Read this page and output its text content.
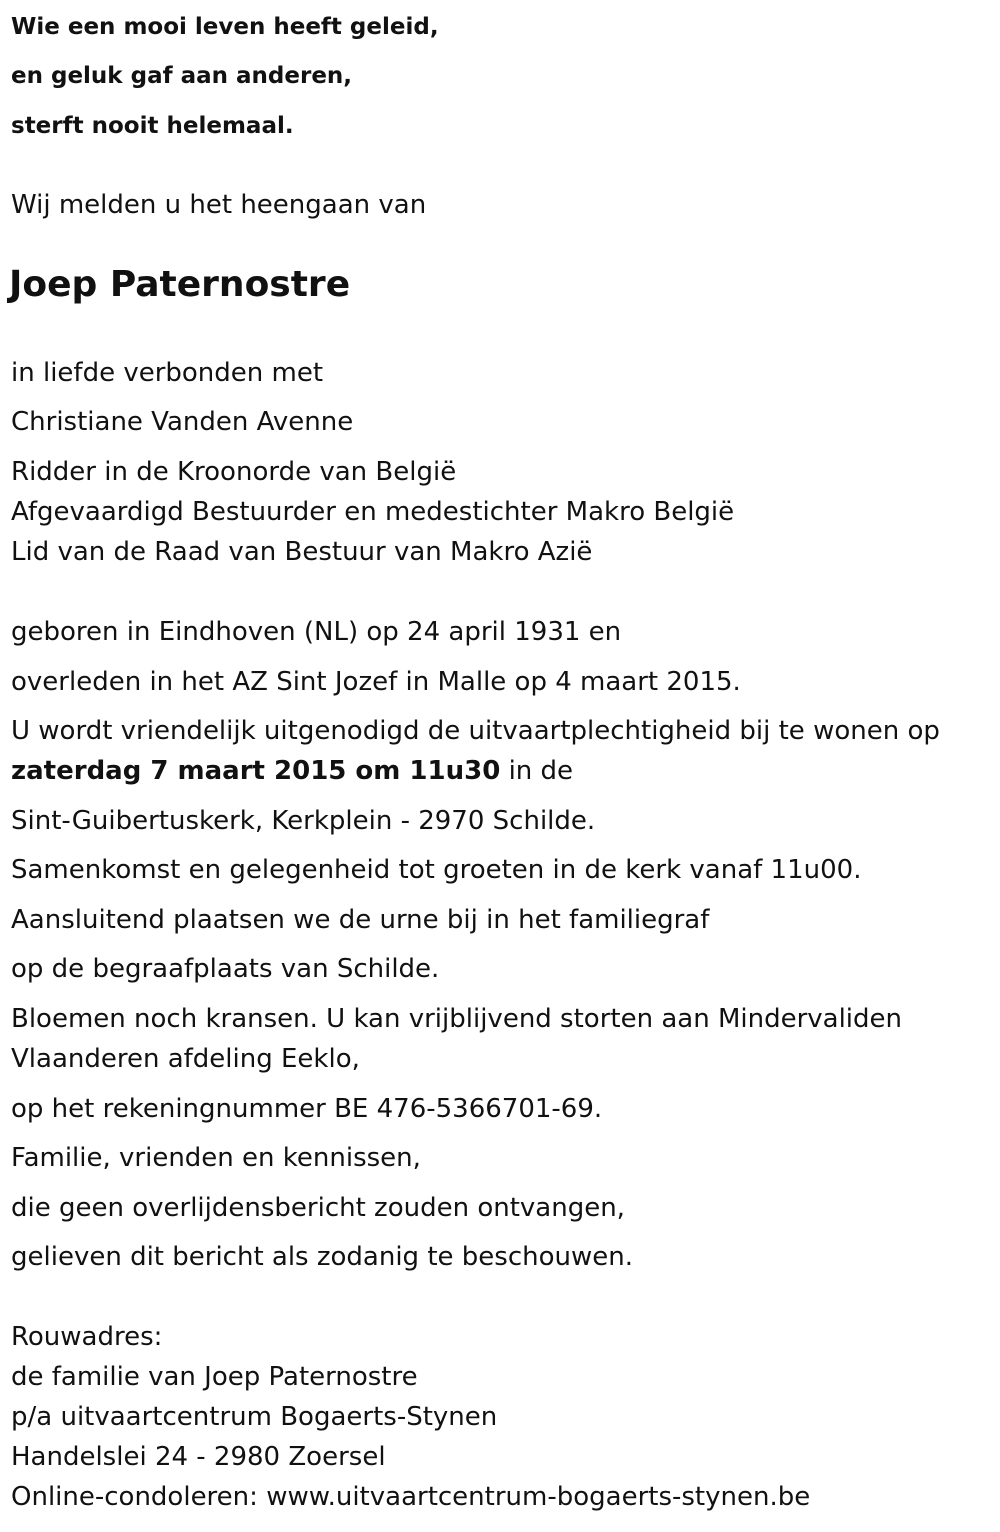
Wie een mooi leven heeft geleid,
en geluk gaf aan anderen,
sterft nooit helemaal.
Wij melden u het heengaan van
Joep Paternostre
in liefde verbonden met
Christiane Vanden Avenne
Ridder in de Kroonorde van België
Afgevaardigd Bestuurder en medestichter Makro België
Lid van de Raad van Bestuur van Makro Azië
geboren in Eindhoven (NL) op 24 april 1931 en
overleden in het AZ Sint Jozef in Malle op 4 maart 2015.
U wordt vriendelijk uitgenodigd de uitvaartplechtigheid bij te wonen op
zaterdag 7 maart 2015 om 11u30 in de
Sint-Guibertuskerk, Kerkplein - 2970 Schilde.
Samenkomst en gelegenheid tot groeten in de kerk vanaf 11u00.
Aansluitend plaatsen we de urne bij in het familiegraf
op de begraafplaats van Schilde.
Bloemen noch kransen. U kan vrijblijvend storten aan Mindervaliden
Vlaanderen afdeling Eeklo,
op het rekeningnummer BE 476-5366701-69.
Familie, vrienden en kennissen,
die geen overlijdensbericht zouden ontvangen,
gelieven dit bericht als zodanig te beschouwen.
Rouwadres:
de familie van Joep Paternostre
p/a uitvaartcentrum Bogaerts-Stynen
Handelslei 24 - 2980 Zoersel
Online-condoleren: www.uitvaartcentrum-bogaerts-stynen.be
